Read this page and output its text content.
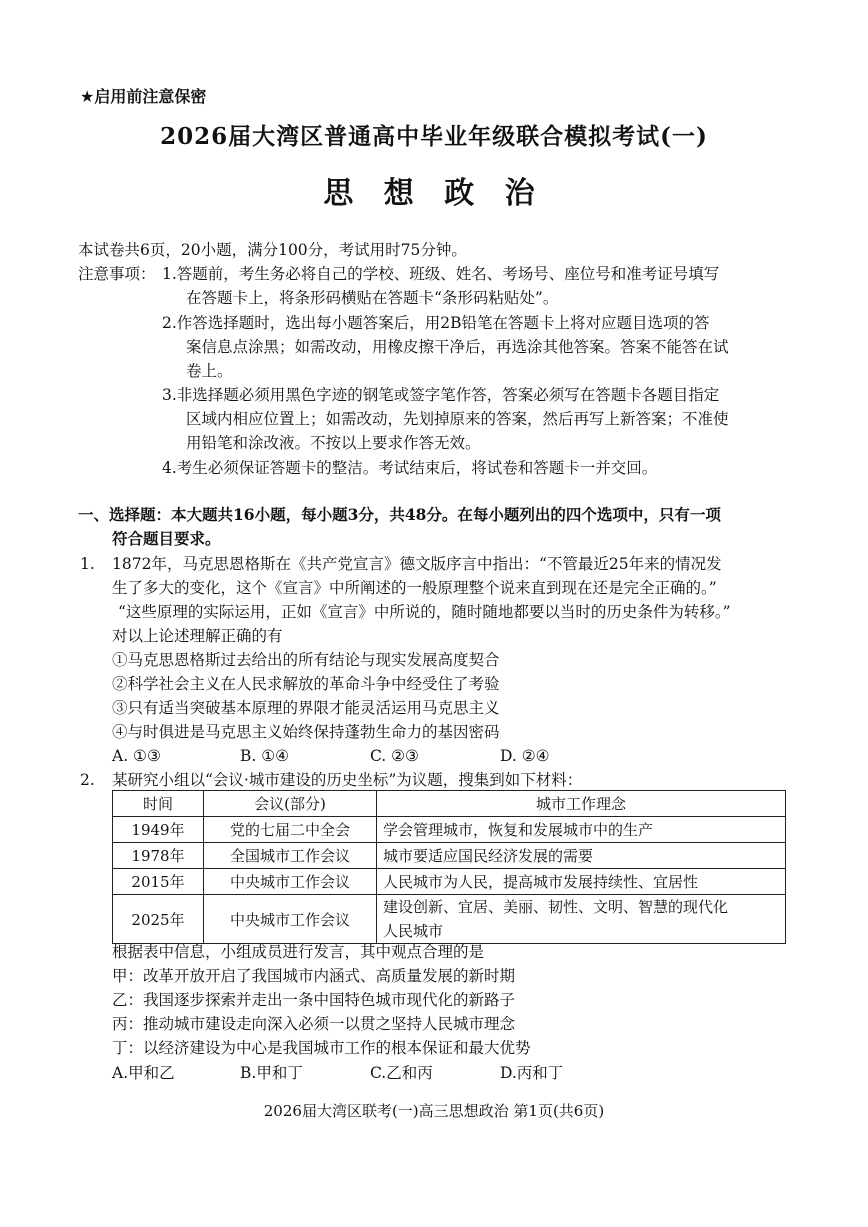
★启用前注意保密
2026届大湾区普通高中毕业年级联合模拟考试(一)
思 想 政 治
本试卷共6页，20小题，满分100分，考试用时75分钟。
注意事项： 1.答题前，考生务必将自己的学校、班级、姓名、考场号、座位号和准考证号填写
在答题卡上，将条形码横贴在答题卡“条形码粘贴处”。
2.作答选择题时，选出每小题答案后，用2B铅笔在答题卡上将对应题目选项的答
案信息点涂黑；如需改动，用橡皮擦干净后，再选涂其他答案。答案不能答在试
卷上。
3.非选择题必须用黑色字迹的钢笔或签字笔作答，答案必须写在答题卡各题目指定
区域内相应位置上；如需改动，先划掉原来的答案，然后再写上新答案；不准使
用铅笔和涂改液。不按以上要求作答无效。
4.考生必须保证答题卡的整洁。考试结束后，将试卷和答题卡一并交回。
一、选择题：本大题共16小题，每小题3分，共48分。在每小题列出的四个选项中，只有一项
符合题目要求。
1. 1872年，马克思恩格斯在《共产党宣言》德文版序言中指出：“不管最近25年来的情况发
生了多大的变化，这个《宣言》中所阐述的一般原理整个说来直到现在还是完全正确的。”
“这些原理的实际运用，正如《宣言》中所说的，随时随地都要以当时的历史条件为转移。”
对以上论述理解正确的有
①马克思恩格斯过去给出的所有结论与现实发展高度契合
②科学社会主义在人民求解放的革命斗争中经受住了考验
③只有适当突破基本原理的界限才能灵活运用马克思主义
④与时俱进是马克思主义始终保持蓬勃生命力的基因密码
A. ①③	B. ①④	C. ②③	D. ②④
2. 某研究小组以“会议·城市建设的历史坐标”为议题，搜集到如下材料：
时间	会议(部分)	城市工作理念
1949年	党的七届二中全会	学会管理城市，恢复和发展城市中的生产
1978年	全国城市工作会议	城市要适应国民经济发展的需要
2015年	中央城市工作会议	人民城市为人民，提高城市发展持续性、宜居性
2025年	中央城市工作会议	建设创新、宜居、美丽、韧性、文明、智慧的现代化
人民城市
根据表中信息，小组成员进行发言，其中观点合理的是
甲：改革开放开启了我国城市内涵式、高质量发展的新时期
乙：我国逐步探索并走出一条中国特色城市现代化的新路子
丙：推动城市建设走向深入必须一以贯之坚持人民城市理念
丁：以经济建设为中心是我国城市工作的根本保证和最大优势
A.甲和乙	B.甲和丁	C.乙和丙	D.丙和丁
2026届大湾区联考(一)高三思想政治 第1页(共6页)
